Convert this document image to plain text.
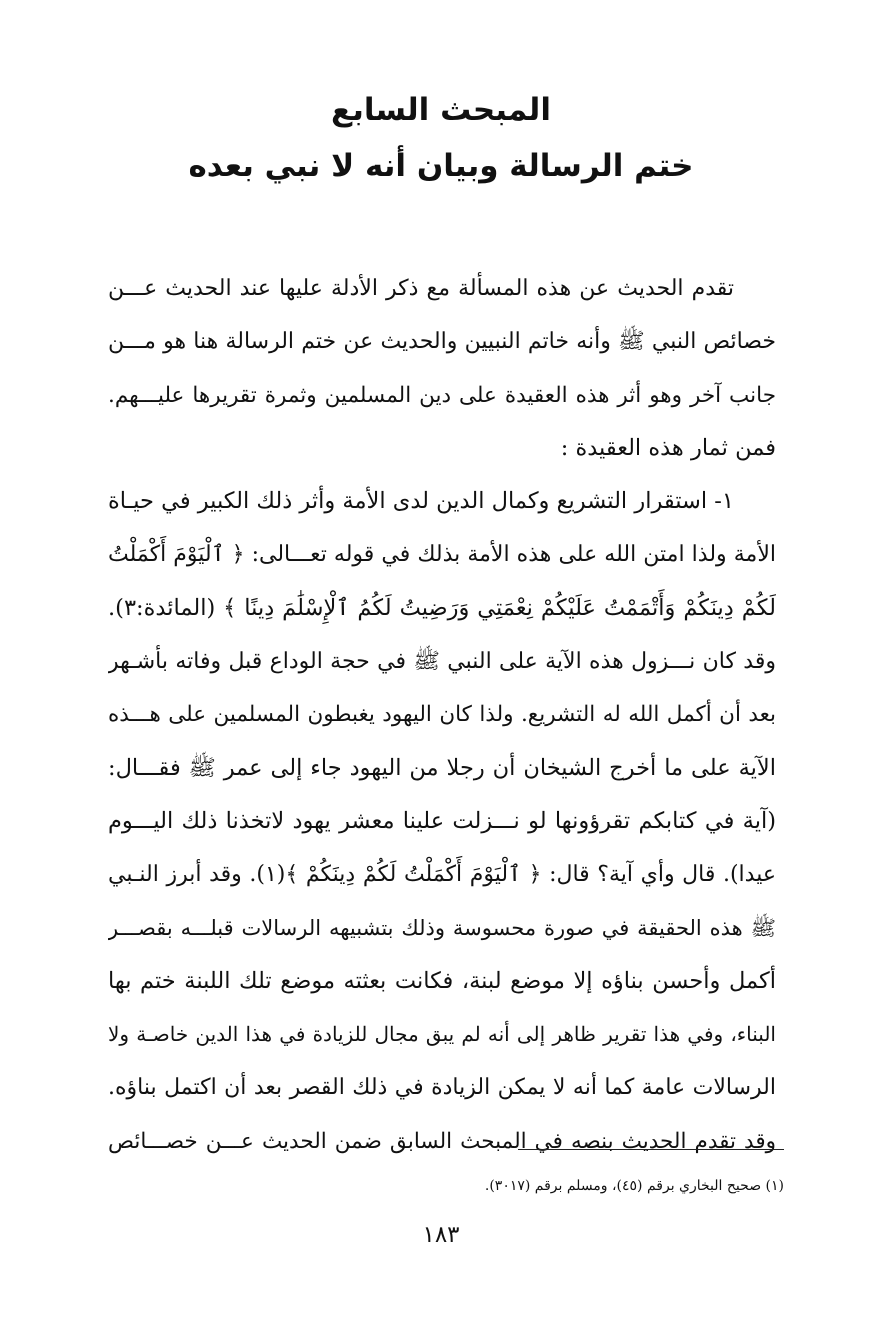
المبحث السابع
ختم الرسالة وبيان أنه لا نبي بعده
تقدم الحديث عن هذه المسألة مع ذكر الأدلة عليها عند الحديث عـــن
خصائص النبي ﷺ وأنه خاتم النبيين والحديث عن ختم الرسالة هنا هو مـــن
جانب آخر وهو أثر هذه العقيدة على دين المسلمين وثمرة تقريرها عليـــهم.
فمن ثمار هذه العقيدة :
١- استقرار التشريع وكمال الدين لدى الأمة وأثر ذلك الكبير في حيـاة
الأمة ولذا امتن الله على هذه الأمة بذلك في قوله تعـــالى: ﴿ ٱلْيَوْمَ أَكْمَلْتُ
لَكُمْ دِينَكُمْ وَأَتْمَمْتُ عَلَيْكُمْ نِعْمَتِي وَرَضِيتُ لَكُمُ ٱلْإِسْلَٰمَ دِينًا ﴾ (المائدة:٣).
وقد كان نـــزول هذه الآية على النبي ﷺ في حجة الوداع قبل وفاته بأشـهر
بعد أن أكمل الله له التشريع. ولذا كان اليهود يغبطون المسلمين على هـــذه
الآية على ما أخرج الشيخان أن رجلا من اليهود جاء إلى عمر ﷺ فقـــال:
(آية في كتابكم تقرؤونها لو نـــزلت علينا معشر يهود لاتخذنا ذلك اليـــوم
عيدا). قال وأي آية؟ قال: ﴿ ٱلْيَوْمَ أَكْمَلْتُ لَكُمْ دِينَكُمْ ﴾(١). وقد أبرز النـبي
ﷺ هذه الحقيقة في صورة محسوسة وذلك بتشبيهه الرسالات قبلـــه بقصـــر
أكمل وأحسن بناؤه إلا موضع لبنة، فكانت بعثته موضع تلك اللبنة ختم بها
البناء، وفي هذا تقرير ظاهر إلى أنه لم يبق مجال للزيادة في هذا الدين خاصـة ولا
الرسالات عامة كما أنه لا يمكن الزيادة في ذلك القصر بعد أن اكتمل بناؤه.
وقد تقدم الحديث بنصه في المبحث السابق ضمن الحديث عـــن خصـــائص
(١) صحيح البخاري برقم (٤٥)، ومسلم برقم (٣٠١٧).
١٨٣
